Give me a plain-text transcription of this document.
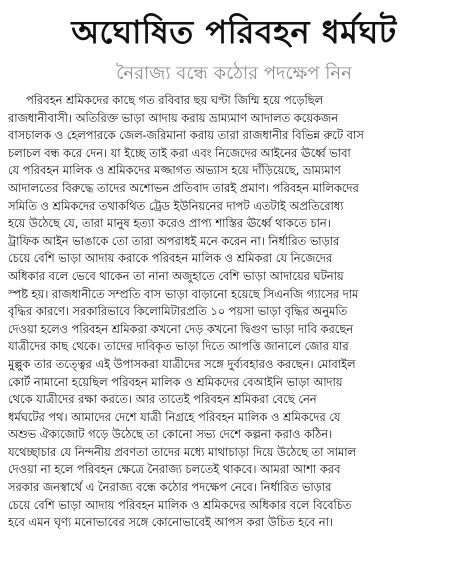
অঘোষিত পরিবহন ধর্মঘট
নৈরাজ্য বন্ধে কঠোর পদক্ষেপ নিন
পরিবহন শ্রমিকদের কাছে গত রবিবার ছয় ঘণ্টা জিম্মি হয়ে পড়েছিল
রাজধানীবাসী। অতিরিক্ত ভাড়া আদায় করায় ভ্রাম্যমাণ আদালত কয়েকজন
বাসচালক ও হেলপারকে জেল-জরিমানা করায় তারা রাজধানীর বিভিন্ন রুটে বাস
চলাচল বন্ধ করে দেন। যা ইচ্ছে তাই করা এবং নিজেদের আইনের ঊর্ধ্বে ভাবা
যে পরিবহন মালিক ও শ্রমিকদের মজ্জাগত অভ্যাস হয়ে দাঁড়িয়েছে, ভ্রাম্যমাণ
আদালতের বিরুদ্ধে তাদের অশোভন প্রতিবাদ তারই প্রমাণ। পরিবহন মালিকদের
সমিতি ও শ্রমিকদের তথাকথিত ট্রেড ইউনিয়নের দাপট এতটাই অপ্রতিরোধ্য
হয়ে উঠেছে যে, তারা মানুষ হত্যা করেও প্রাপ্য শাস্তির ঊর্ধ্বে থাকতে চান।
ট্রাফিক আইন ভাঙাকে তো তারা অপরাধই মনে করেন না। নির্ধারিত ভাড়ার
চেয়ে বেশি ভাড়া আদায় করাকে পরিবহন মালিক ও শ্রমিকরা যে নিজেদের
অধিকার বলে ভেবে থাকেন তা নানা অজুহাতে বেশি ভাড়া আদায়ের ঘটনায়
স্পষ্ট হয়। রাজধানীতে সম্প্রতি বাস ভাড়া বাড়ানো হয়েছে সিএনজি গ্যাসের দাম
বৃদ্ধির কারণে। সরকারিভাবে কিলোমিটারপ্রতি ১০ পয়সা ভাড়া বৃদ্ধির অনুমতি
দেওয়া হলেও পরিবহন শ্রমিকরা কখনো দেড় কখনো দ্বিগুণ ভাড়া দাবি করছেন
যাত্রীদের কাছ থেকে। তাদের দাবিকৃত ভাড়া দিতে আপত্তি জানালে জোর যার
মুল্লুক তার তত্ত্বের এই উপাসকরা যাত্রীদের সঙ্গে দুর্ব্যবহারও করছেন। মোবাইল
কোর্ট নামানো হয়েছিল পরিবহন মালিক ও শ্রমিকদের বেআইনি ভাড়া আদায়
থেকে যাত্রীদের রক্ষা করতে। আর তাতেই পরিবহন শ্রমিকরা বেছে নেন
ধর্মঘটের পথ। আমাদের দেশে যাত্রী নিগ্রহে পরিবহন মালিক ও শ্রমিকদের যে
অশুভ ঐক্যজোট গড়ে উঠেছে তা কোনো সভ্য দেশে কল্পনা করাও কঠিন।
যথেচ্ছাচার যে নিন্দনীয় প্রবণতা তাদের মধ্যে মাথাচাড়া দিয়ে উঠেছে তা সামাল
দেওয়া না হলে পরিবহন ক্ষেত্রে নৈরাজ্য চলতেই থাকবে। আমরা আশা করব
সরকার জনস্বার্থে এ নৈরাজ্য বন্ধে কঠোর পদক্ষেপ নেবে। নির্ধারিত ভাড়ার
চেয়ে বেশি ভাড়া আদায় পরিবহন মালিক ও শ্রমিকদের অধিকার বলে বিবেচিত
হবে এমন ঘৃণ্য মনোভাবের সঙ্গে কোনোভাবেই আপস করা উচিত হবে না।
